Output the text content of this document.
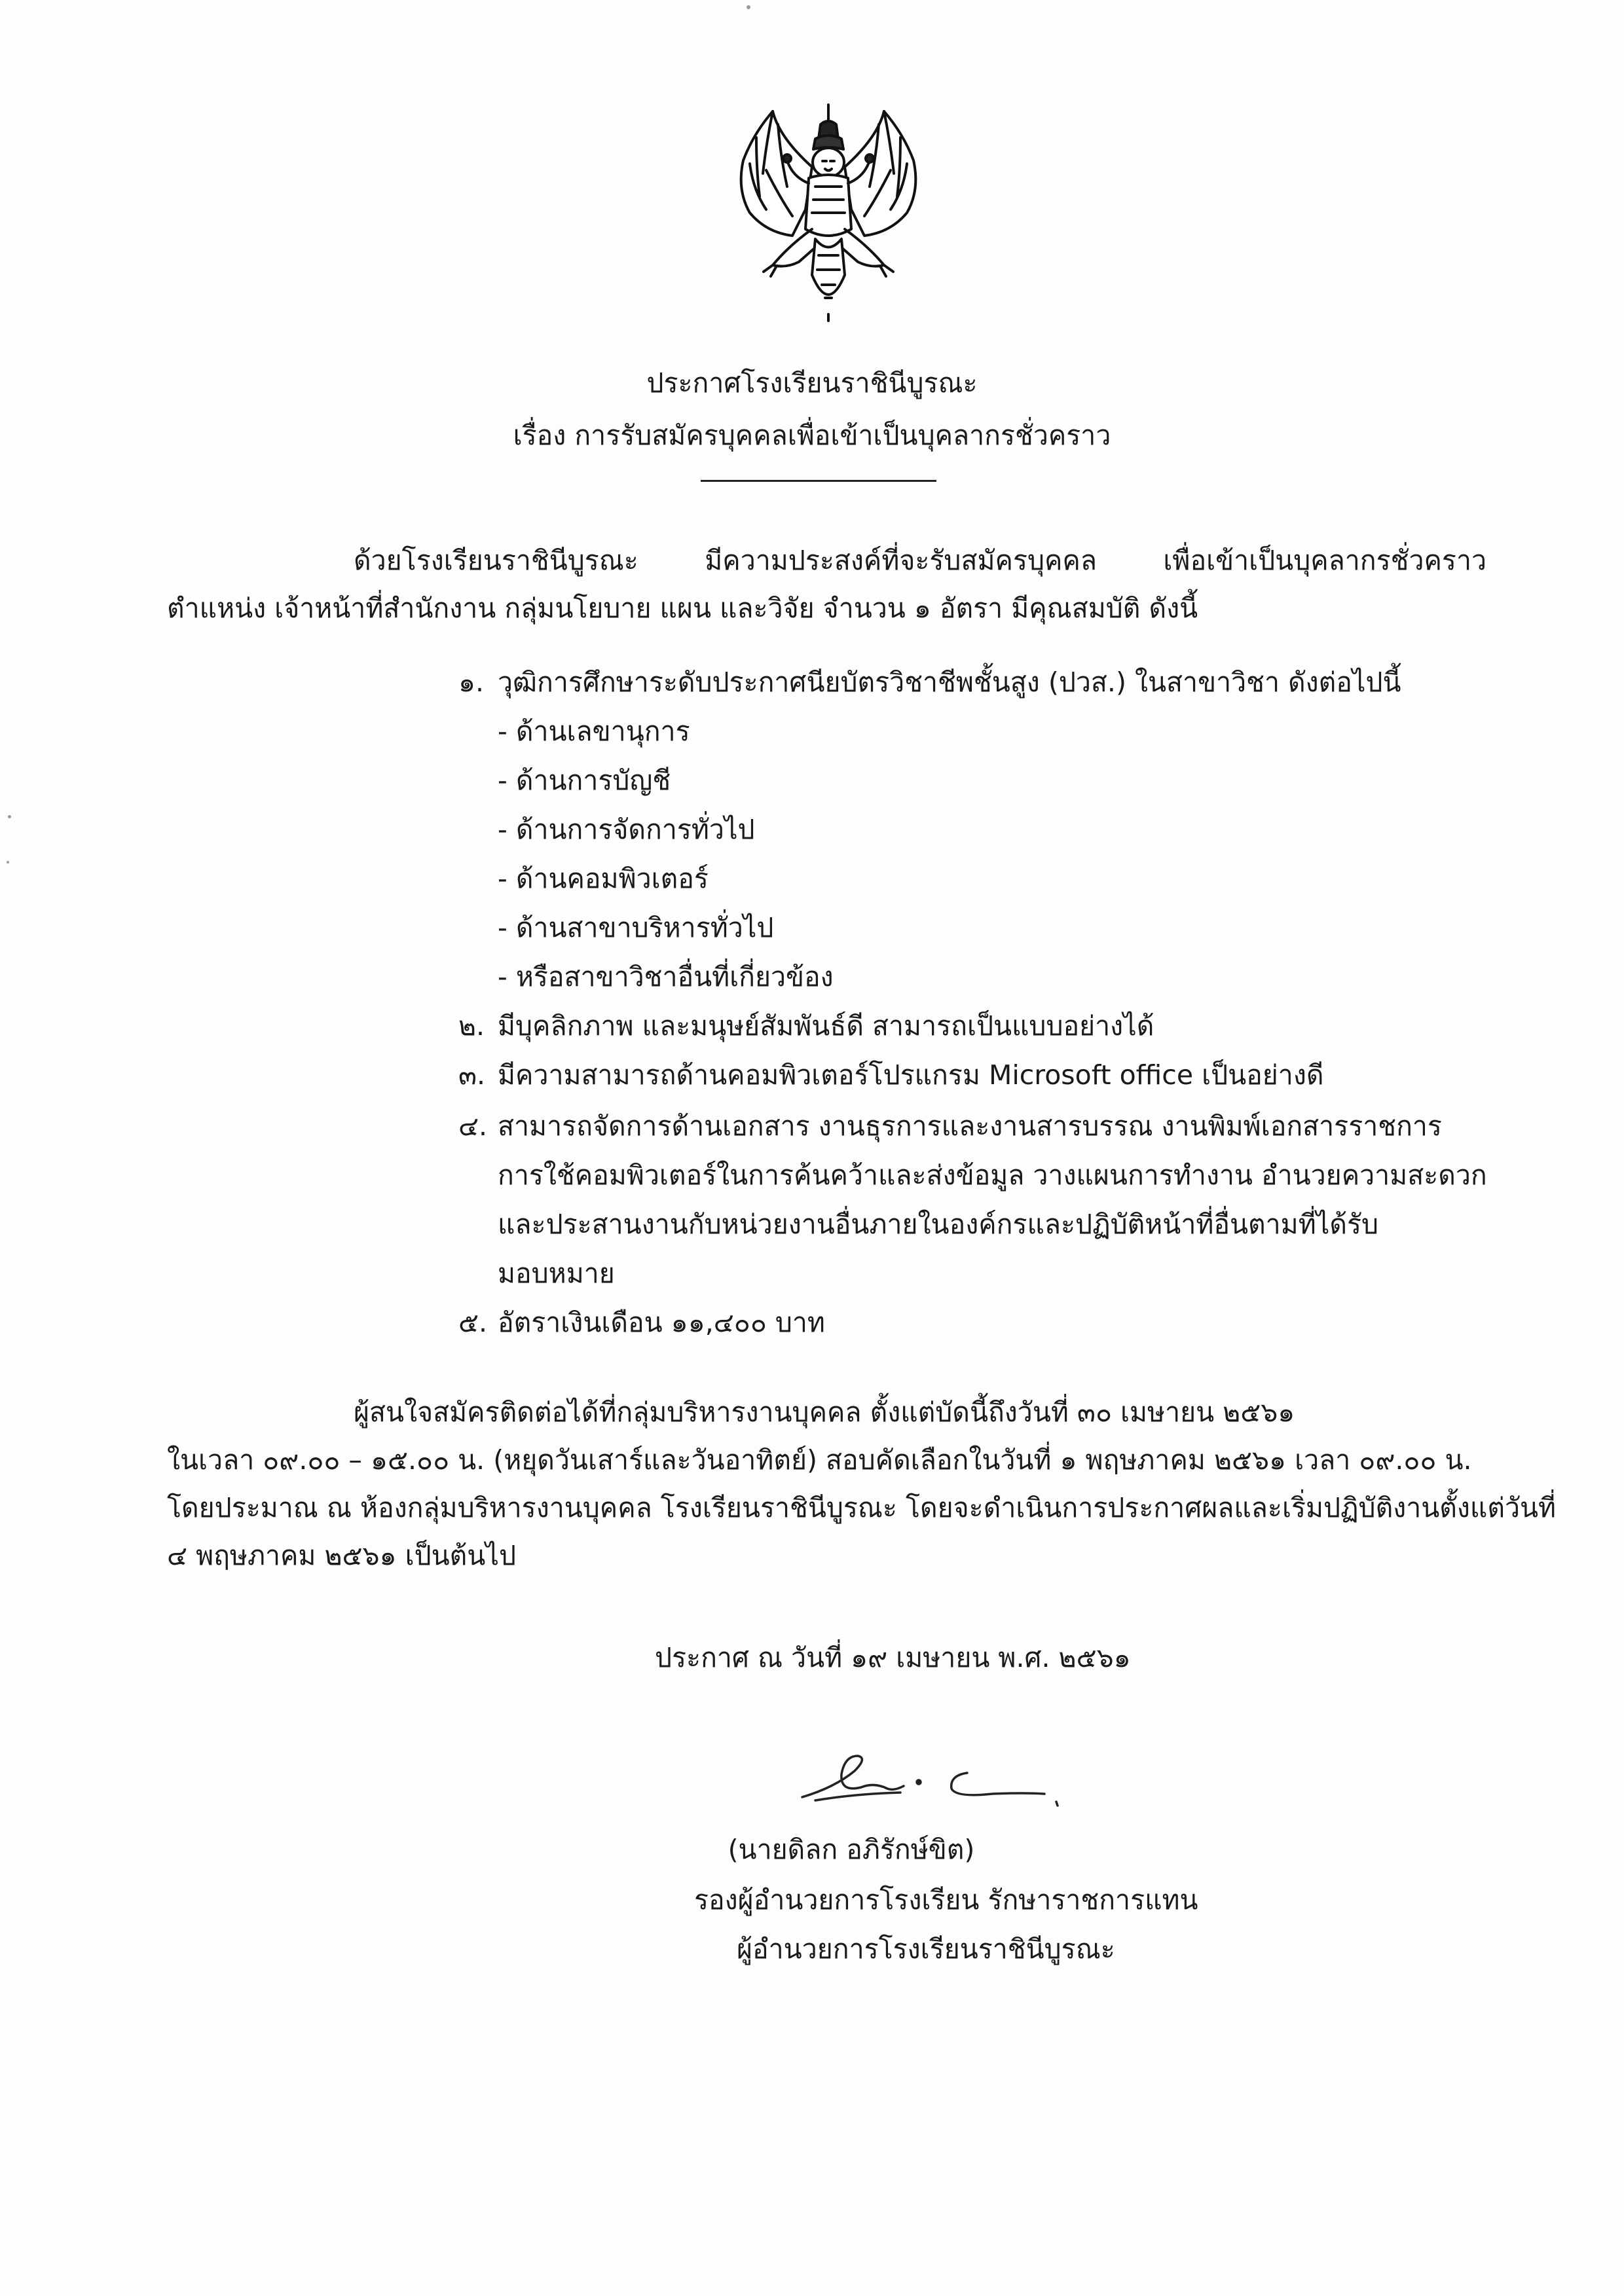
ประกาศโรงเรียนราชินีบูรณะ
เรื่อง การรับสมัครบุคคลเพื่อเข้าเป็นบุคลากรชั่วคราว
ด้วยโรงเรียนราชินีบูรณะ มีความประสงค์ที่จะรับสมัครบุคคล เพื่อเข้าเป็นบุคลากรชั่วคราว
ตำแหน่ง เจ้าหน้าที่สำนักงาน กลุ่มนโยบาย แผน และวิจัย จำนวน ๑ อัตรา มีคุณสมบัติ ดังนี้
๑. วุฒิการศึกษาระดับประกาศนียบัตรวิชาชีพชั้นสูง (ปวส.) ในสาขาวิชา ดังต่อไปนี้
- ด้านเลขานุการ
- ด้านการบัญชี
- ด้านการจัดการทั่วไป
- ด้านคอมพิวเตอร์
- ด้านสาขาบริหารทั่วไป
- หรือสาขาวิชาอื่นที่เกี่ยวข้อง
๒. มีบุคลิกภาพ และมนุษย์สัมพันธ์ดี สามารถเป็นแบบอย่างได้
๓. มีความสามารถด้านคอมพิวเตอร์โปรแกรม Microsoft office เป็นอย่างดี
๔. สามารถจัดการด้านเอกสาร งานธุรการและงานสารบรรณ งานพิมพ์เอกสารราชการ
การใช้คอมพิวเตอร์ในการค้นคว้าและส่งข้อมูล วางแผนการทำงาน อำนวยความสะดวก
และประสานงานกับหน่วยงานอื่นภายในองค์กรและปฏิบัติหน้าที่อื่นตามที่ได้รับ
มอบหมาย
๕. อัตราเงินเดือน ๑๑,๔๐๐ บาท
ผู้สนใจสมัครติดต่อได้ที่กลุ่มบริหารงานบุคคล ตั้งแต่บัดนี้ถึงวันที่ ๓๐ เมษายน ๒๕๖๑
ในเวลา ๐๙.๐๐ – ๑๕.๐๐ น. (หยุดวันเสาร์และวันอาทิตย์) สอบคัดเลือกในวันที่ ๑ พฤษภาคม ๒๕๖๑ เวลา ๐๙.๐๐ น.
โดยประมาณ ณ ห้องกลุ่มบริหารงานบุคคล โรงเรียนราชินีบูรณะ โดยจะดำเนินการประกาศผลและเริ่มปฏิบัติงานตั้งแต่วันที่
๔ พฤษภาคม ๒๕๖๑ เป็นต้นไป
ประกาศ ณ วันที่ ๑๙ เมษายน พ.ศ. ๒๕๖๑
(นายดิลก อภิรักษ์ขิต)
รองผู้อำนวยการโรงเรียน รักษาราชการแทน
ผู้อำนวยการโรงเรียนราชินีบูรณะ
